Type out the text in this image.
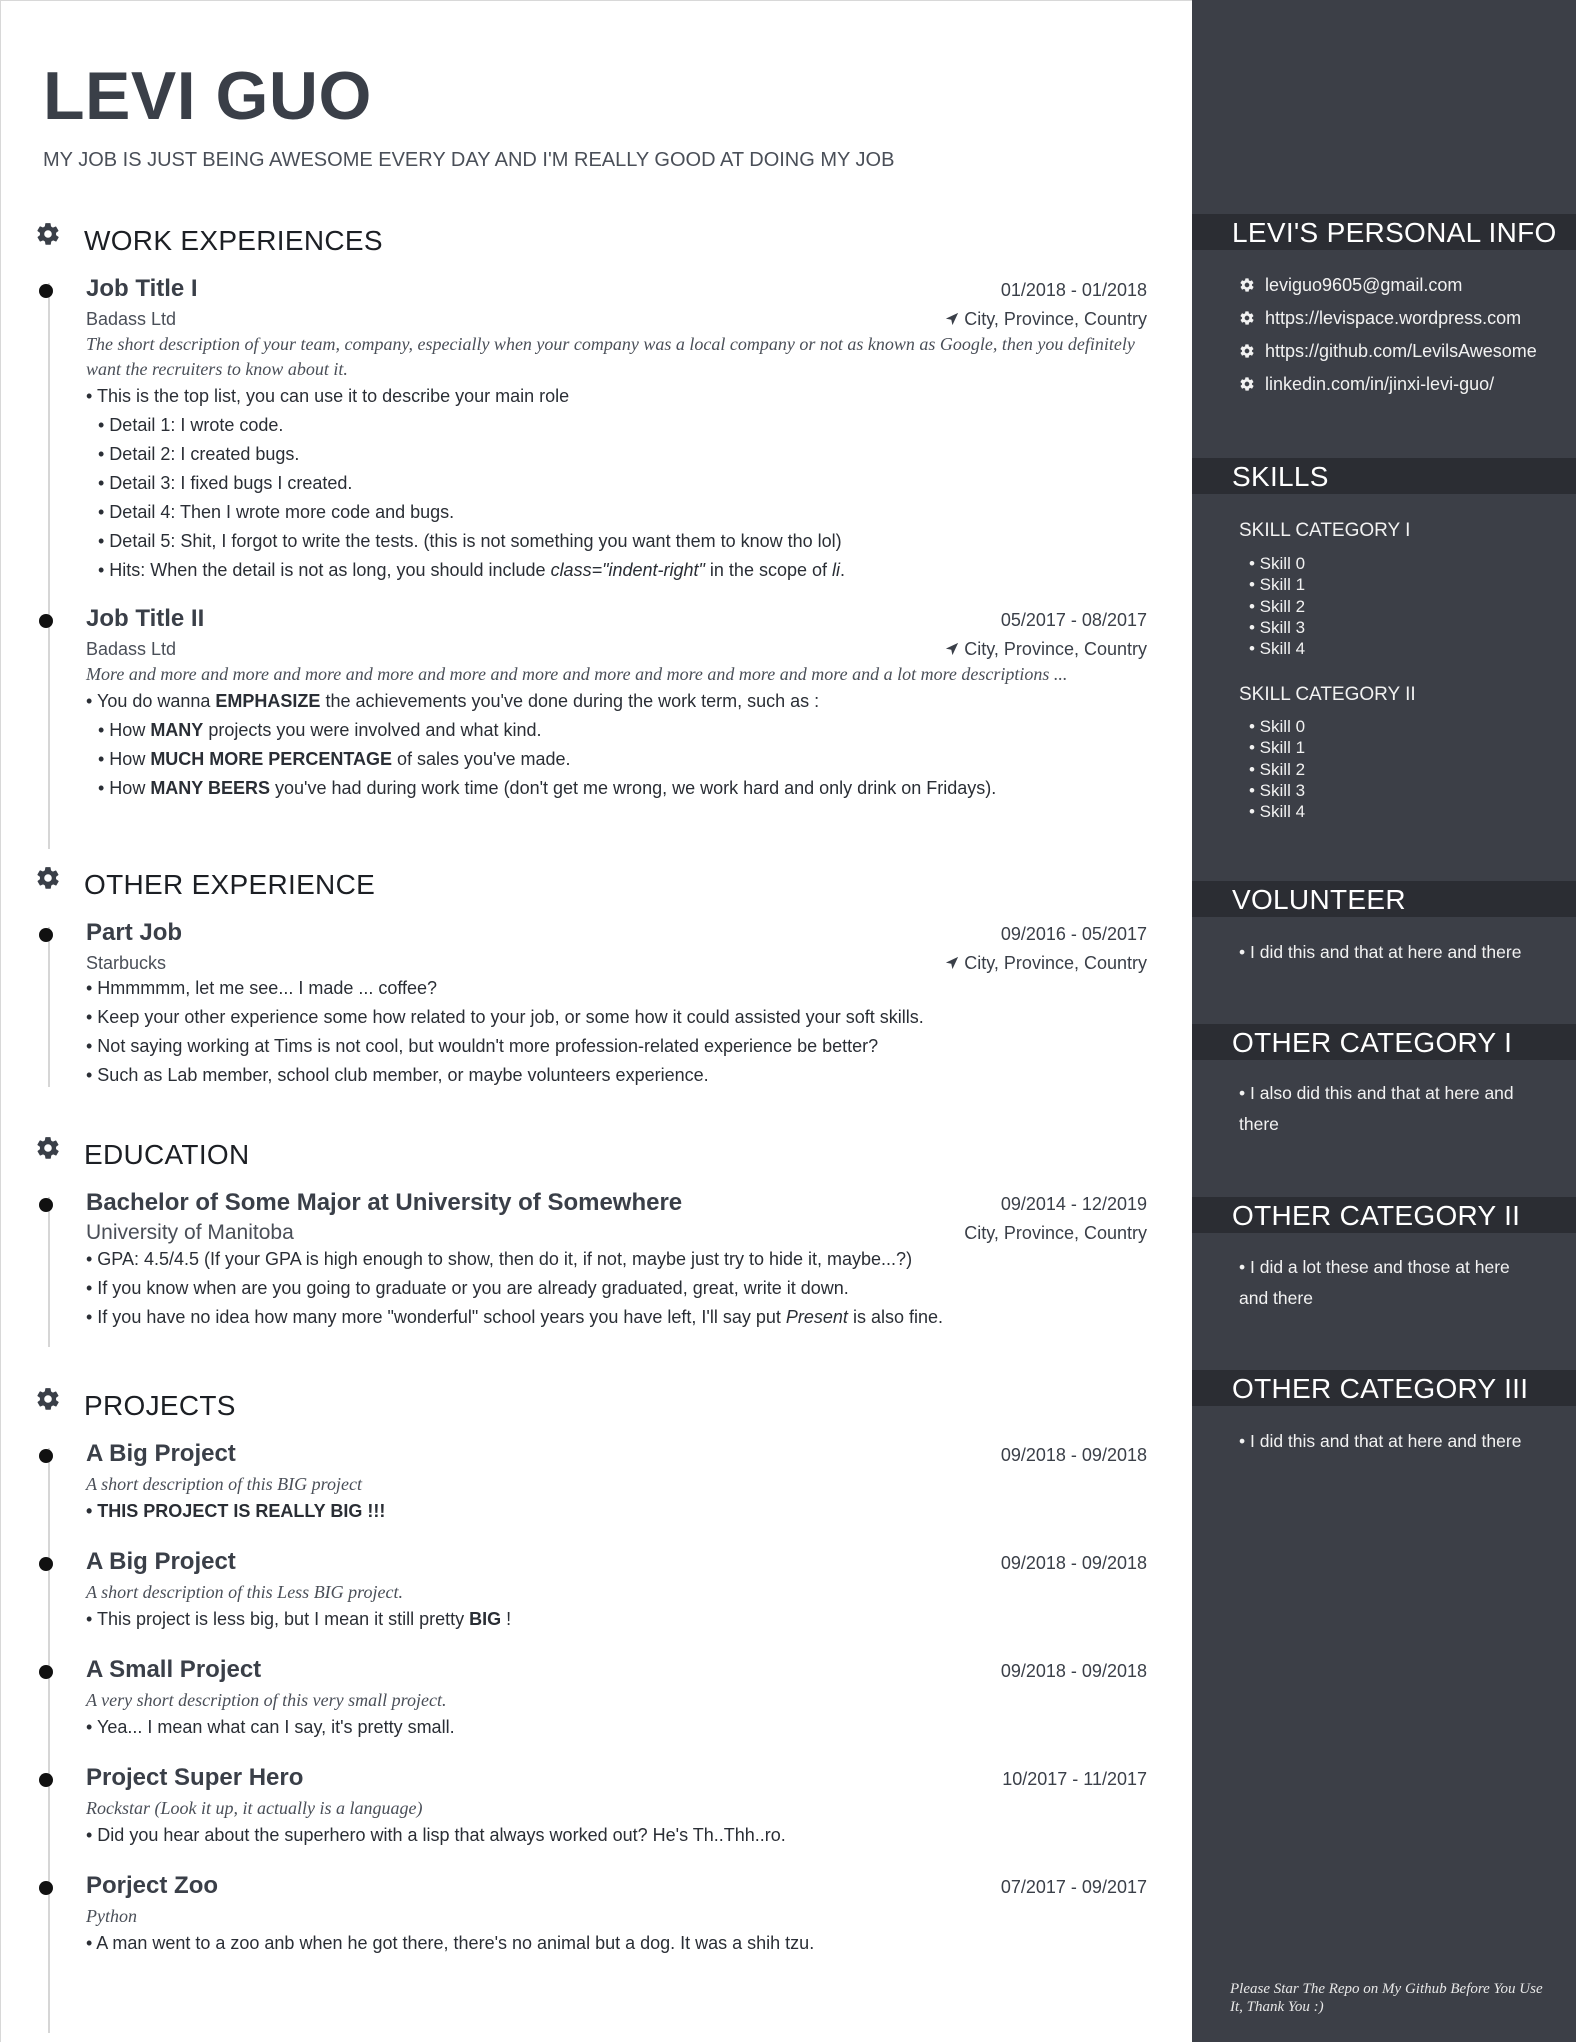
LEVI GUO
MY JOB IS JUST BEING AWESOME EVERY DAY AND I'M REALLY GOOD AT DOING MY JOB
WORK EXPERIENCES
Job Title I	01/2018 - 01/2018
Badass Ltd	City, Province, Country
The short description of your team, company, especially when your company was a local company or not as known as Google, then you definitely want the recruiters to know about it.
• This is the top list, you can use it to describe your main role
• Detail 1: I wrote code.
• Detail 2: I created bugs.
• Detail 3: I fixed bugs I created.
• Detail 4: Then I wrote more code and bugs.
• Detail 5: Shit, I forgot to write the tests. (this is not something you want them to know tho lol)
• Hits: When the detail is not as long, you should include class="indent-right" in the scope of li.
Job Title II	05/2017 - 08/2017
Badass Ltd	City, Province, Country
More and more and more and more and more and more and more and more and more and more and more and a lot more descriptions ...
• You do wanna EMPHASIZE the achievements you've done during the work term, such as :
• How MANY projects you were involved and what kind.
• How MUCH MORE PERCENTAGE of sales you've made.
• How MANY BEERS you've had during work time (don't get me wrong, we work hard and only drink on Fridays).
OTHER EXPERIENCE
Part Job	09/2016 - 05/2017
Starbucks	City, Province, Country
• Hmmmmm, let me see... I made ... coffee?
• Keep your other experience some how related to your job, or some how it could assisted your soft skills.
• Not saying working at Tims is not cool, but wouldn't more profession-related experience be better?
• Such as Lab member, school club member, or maybe volunteers experience.
EDUCATION
Bachelor of Some Major at University of Somewhere	09/2014 - 12/2019
University of Manitoba	City, Province, Country
• GPA: 4.5/4.5 (If your GPA is high enough to show, then do it, if not, maybe just try to hide it, maybe...?)
• If you know when are you going to graduate or you are already graduated, great, write it down.
• If you have no idea how many more "wonderful" school years you have left, I'll say put Present is also fine.
PROJECTS
A Big Project	09/2018 - 09/2018
A short description of this BIG project
• THIS PROJECT IS REALLY BIG !!!
A Big Project	09/2018 - 09/2018
A short description of this Less BIG project.
• This project is less big, but I mean it still pretty BIG !
A Small Project	09/2018 - 09/2018
A very short description of this very small project.
• Yea... I mean what can I say, it's pretty small.
Project Super Hero	10/2017 - 11/2017
Rockstar (Look it up, it actually is a language)
• Did you hear about the superhero with a lisp that always worked out? He's Th..Thh..ro.
Porject Zoo	07/2017 - 09/2017
Python
• A man went to a zoo anb when he got there, there's no animal but a dog. It was a shih tzu.
LEVI'S PERSONAL INFO
leviguo9605@gmail.com
https://levispace.wordpress.com
https://github.com/LevilsAwesome
linkedin.com/in/jinxi-levi-guo/
SKILLS
SKILL CATEGORY I
• Skill 0
• Skill 1
• Skill 2
• Skill 3
• Skill 4
SKILL CATEGORY II
• Skill 0
• Skill 1
• Skill 2
• Skill 3
• Skill 4
VOLUNTEER
• I did this and that at here and there
OTHER CATEGORY I
• I also did this and that at here and there
OTHER CATEGORY II
• I did a lot these and those at here and there
OTHER CATEGORY III
• I did this and that at here and there
Please Star The Repo on My Github Before You Use It, Thank You :)
